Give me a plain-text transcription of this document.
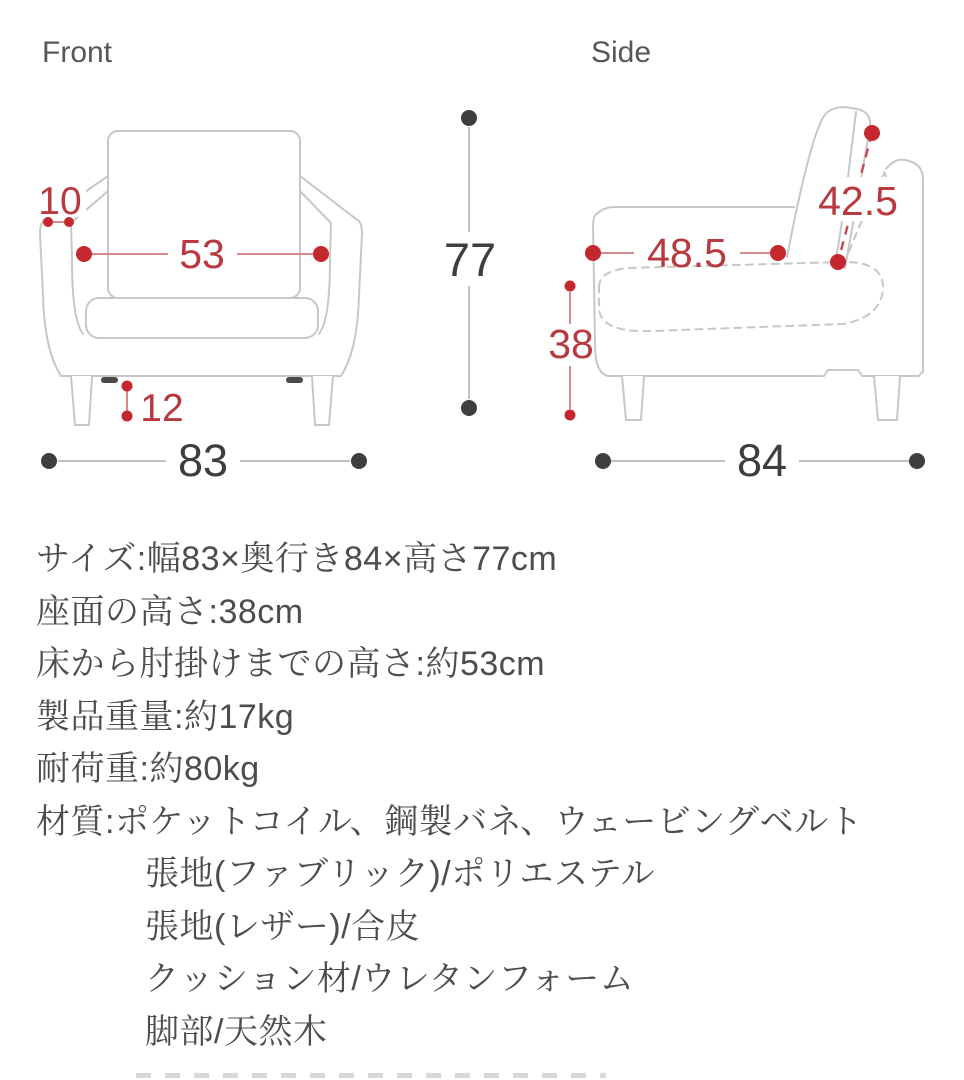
Front
10
53
12
83
77
Side
42.5
48.5
38
84
サイズ:幅83×奥行き84×高さ77cm
座面の高さ:38cm
床から肘掛けまでの高さ:約53cm
製品重量:約17kg
耐荷重:約80kg
材質:ポケットコイル、鋼製バネ、ウェービングベルト
張地(ファブリック)/ポリエステル
張地(レザー)/合皮
クッション材/ウレタンフォーム
脚部/天然木
